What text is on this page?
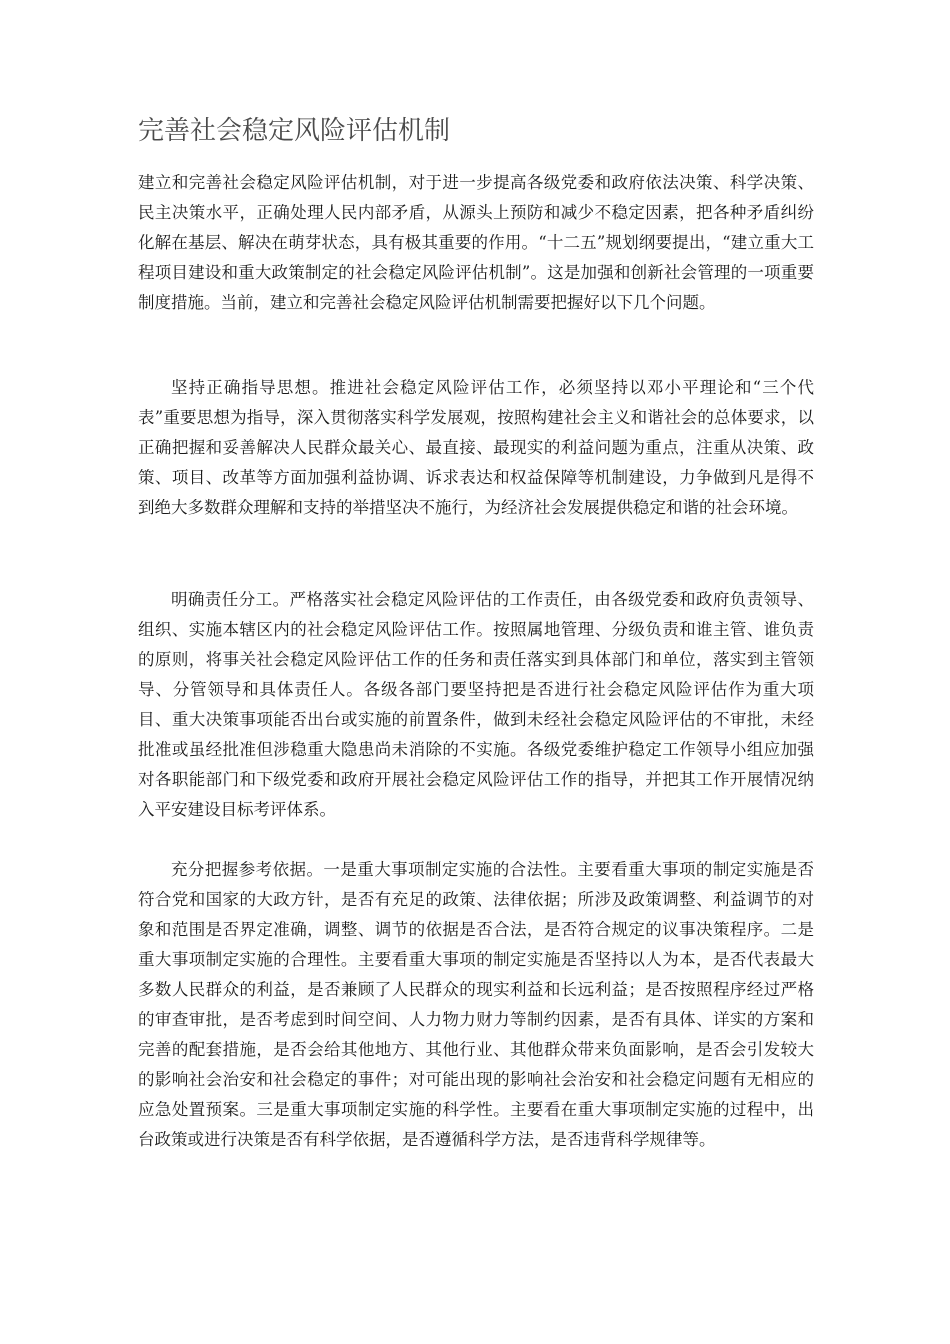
完善社会稳定风险评估机制

建立和完善社会稳定风险评估机制，对于进一步提高各级党委和政府依法决策、科学决策、民主决策水平，正确处理人民内部矛盾，从源头上预防和减少不稳定因素，把各种矛盾纠纷化解在基层、解决在萌芽状态，具有极其重要的作用。“十二五”规划纲要提出，“建立重大工程项目建设和重大政策制定的社会稳定风险评估机制”。这是加强和创新社会管理的一项重要制度措施。当前，建立和完善社会稳定风险评估机制需要把握好以下几个问题。

坚持正确指导思想。推进社会稳定风险评估工作，必须坚持以邓小平理论和“三个代表”重要思想为指导，深入贯彻落实科学发展观，按照构建社会主义和谐社会的总体要求，以正确把握和妥善解决人民群众最关心、最直接、最现实的利益问题为重点，注重从决策、政策、项目、改革等方面加强利益协调、诉求表达和权益保障等机制建设，力争做到凡是得不到绝大多数群众理解和支持的举措坚决不施行，为经济社会发展提供稳定和谐的社会环境。

明确责任分工。严格落实社会稳定风险评估的工作责任，由各级党委和政府负责领导、组织、实施本辖区内的社会稳定风险评估工作。按照属地管理、分级负责和谁主管、谁负责的原则，将事关社会稳定风险评估工作的任务和责任落实到具体部门和单位，落实到主管领导、分管领导和具体责任人。各级各部门要坚持把是否进行社会稳定风险评估作为重大项目、重大决策事项能否出台或实施的前置条件，做到未经社会稳定风险评估的不审批，未经批准或虽经批准但涉稳重大隐患尚未消除的不实施。各级党委维护稳定工作领导小组应加强对各职能部门和下级党委和政府开展社会稳定风险评估工作的指导，并把其工作开展情况纳入平安建设目标考评体系。

充分把握参考依据。一是重大事项制定实施的合法性。主要看重大事项的制定实施是否符合党和国家的大政方针，是否有充足的政策、法律依据；所涉及政策调整、利益调节的对象和范围是否界定准确，调整、调节的依据是否合法，是否符合规定的议事决策程序。二是重大事项制定实施的合理性。主要看重大事项的制定实施是否坚持以人为本，是否代表最大多数人民群众的利益，是否兼顾了人民群众的现实利益和长远利益；是否按照程序经过严格的审查审批，是否考虑到时间空间、人力物力财力等制约因素，是否有具体、详实的方案和完善的配套措施，是否会给其他地方、其他行业、其他群众带来负面影响，是否会引发较大的影响社会治安和社会稳定的事件；对可能出现的影响社会治安和社会稳定问题有无相应的应急处置预案。三是重大事项制定实施的科学性。主要看在重大事项制定实施的过程中，出台政策或进行决策是否有科学依据，是否遵循科学方法，是否违背科学规律等。
